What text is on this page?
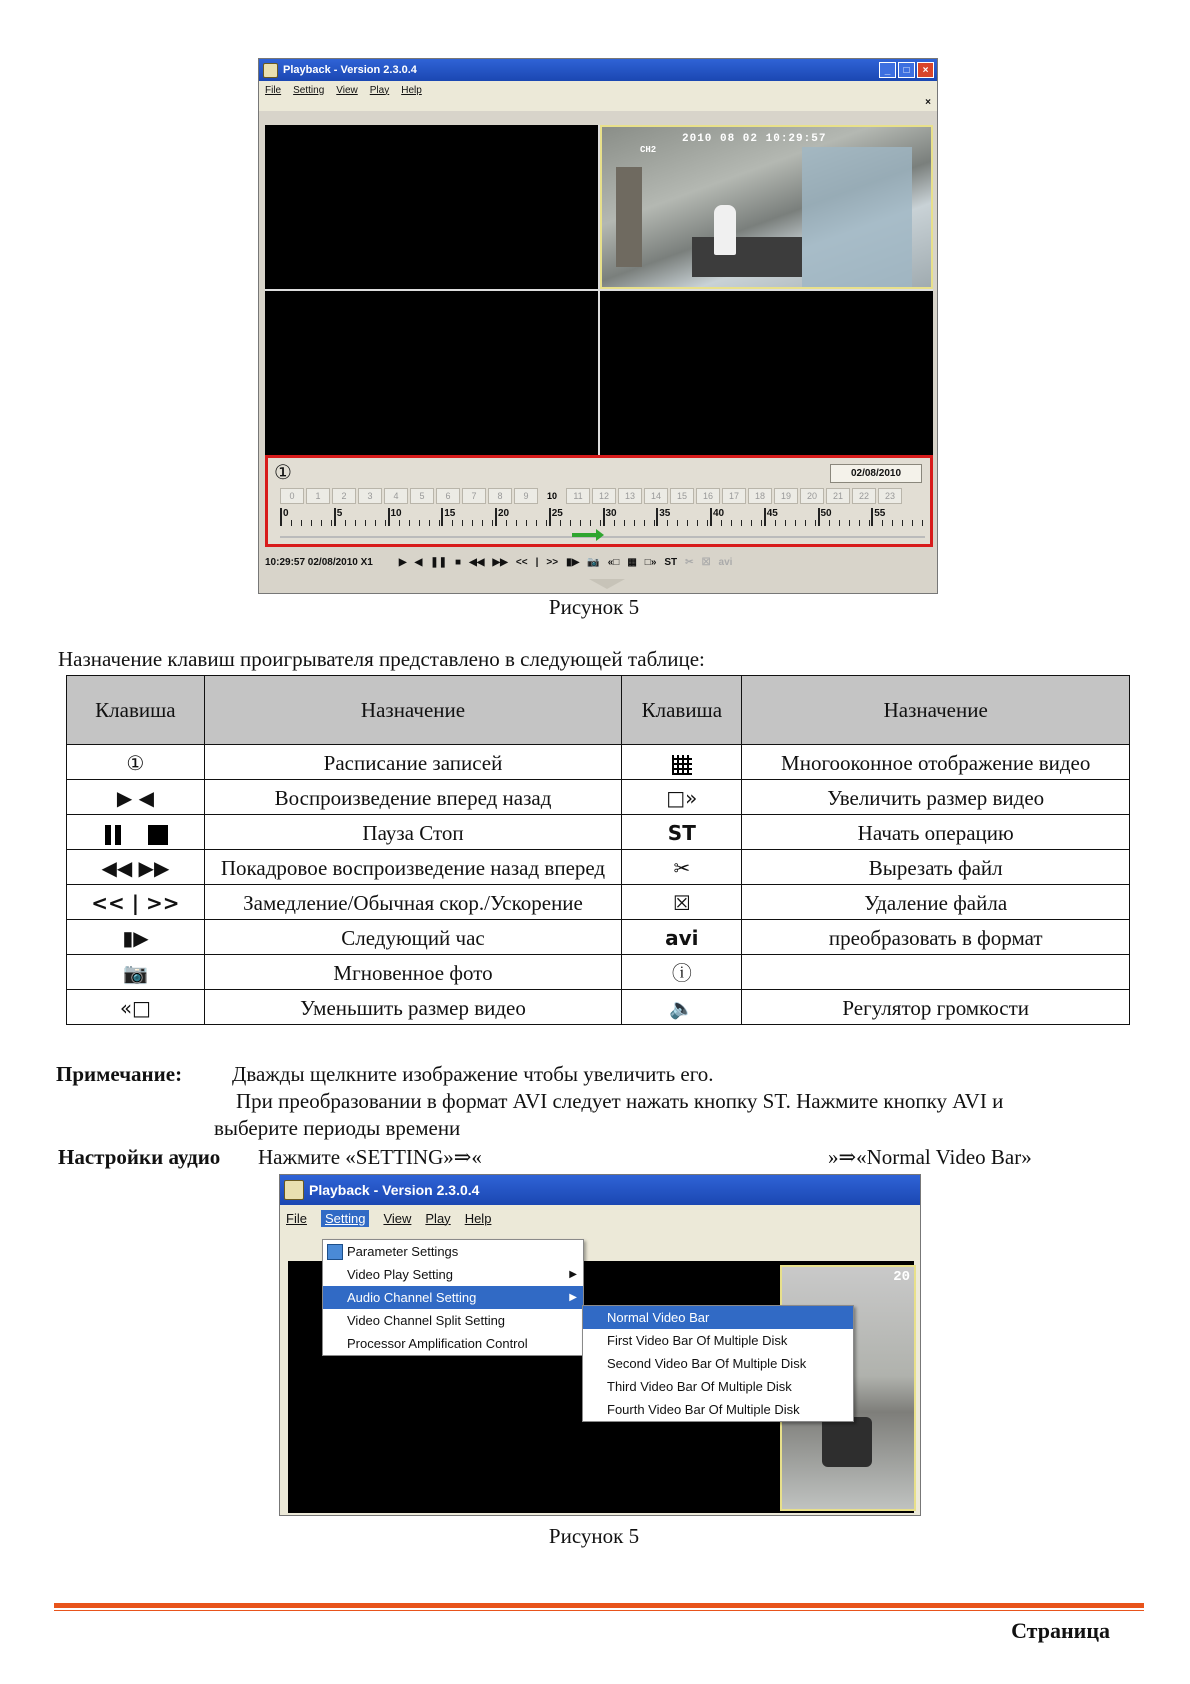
Playback - Version 2.3.0.4	_	□	×
File Setting View Play Help
×
2010 08 02 10:29:57
CH2
①	02/08/2010
0	1	2	3	4	5	6	7	8	9	10	11	12	13	14	15	16	17	18	19	20	21	22	23
0	5	10	15	20	25	30	35	40	45	50	55
10:29:57 02/08/2010 X1	▶ ◀ ❚❚ ■ ◀◀ ▶▶ << | >> ▮▶ 📷 «□ ▦ □» ST ✂ ☒ avi
Рисунок 5
Назначение клавиш проигрывателя представлено в следующей таблице:
Клавиша	Назначение	Клавиша	Назначение
①	Расписание записей		Многооконное отображение видео
▶ ◀	Воспроизведение вперед назад	□»	Увеличить размер видео
	Пауза Стоп	ST	Начать операцию
◀◀ ▶▶	Покадровое воспроизведение назад вперед	✂	Вырезать файл
<< | >>	Замедление/Обычная скор./Ускорение	☒	Удаление файла
▮▶	Следующий час	avi	преобразовать в формат
📷	Мгновенное фото	ⓘ	
«□	Уменьшить размер видео	🔈	Регулятор громкости
Примечание: Дважды щелкните изображение чтобы увеличить его.
При преобразовании в формат AVI следует нажать кнопку ST. Нажмите кнопку AVI и
выберите периоды времени
Настройки аудио Нажмите «SETTING»⇒«	»⇒«Normal Video Bar»
Playback - Version 2.3.0.4
File	Setting	View Play Help
20
Parameter Settings
Video Play Setting	▶
Audio Channel Setting	▶
Video Channel Split Setting
Processor Amplification Control
Normal Video Bar
First Video Bar Of Multiple Disk
Second Video Bar Of Multiple Disk
Third Video Bar Of Multiple Disk
Fourth Video Bar Of Multiple Disk
Рисунок 5
Страница
